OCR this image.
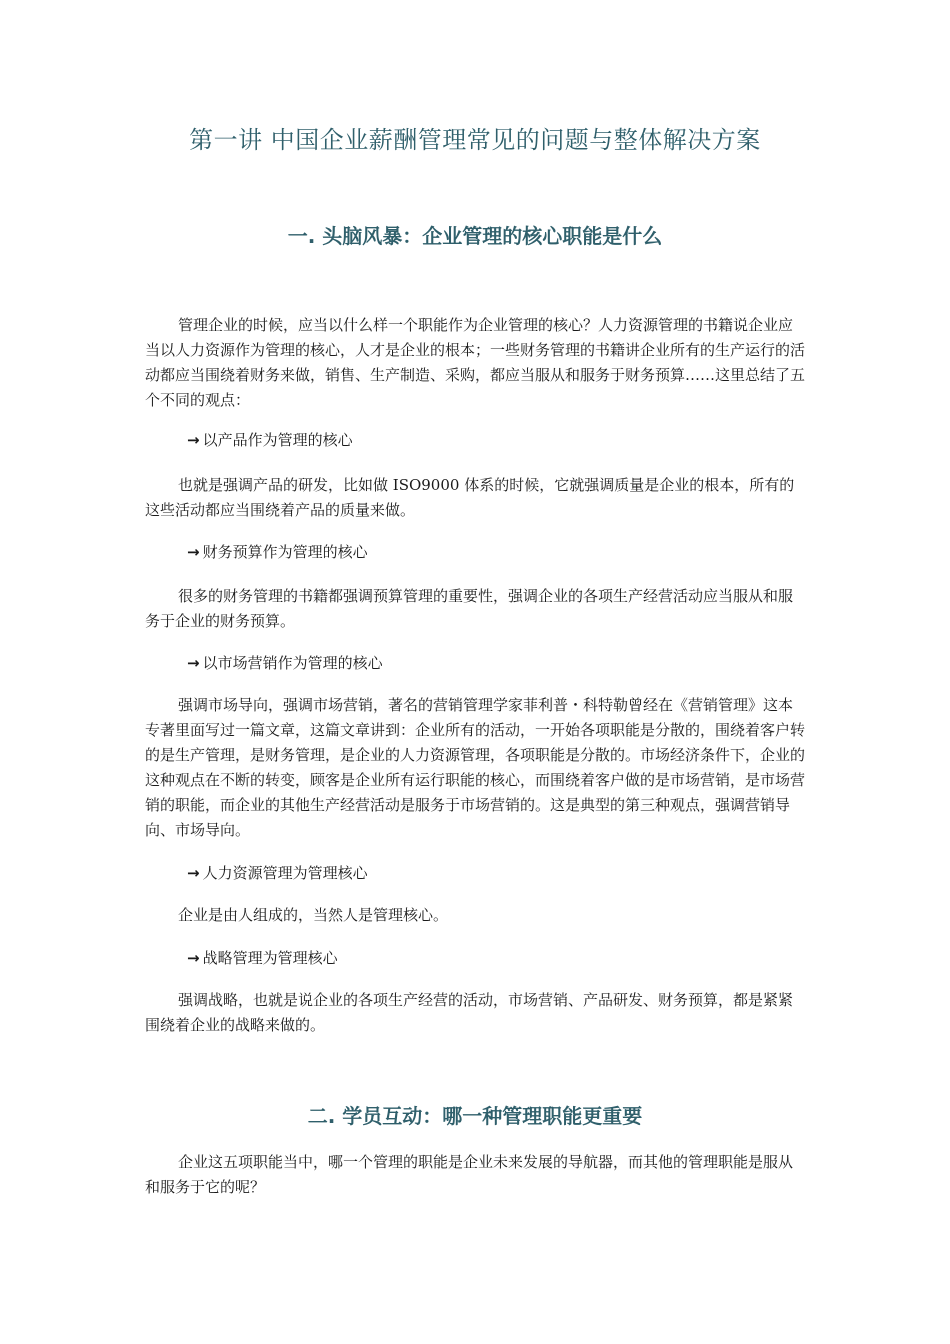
第一讲 中国企业薪酬管理常见的问题与整体解决方案
一. 头脑风暴：企业管理的核心职能是什么

管理企业的时候，应当以什么样一个职能作为企业管理的核心？人力资源管理的书籍说企业应当以人力资源作为管理的核心，人才是企业的根本；一些财务管理的书籍讲企业所有的生产运行的活动都应当围绕着财务来做，销售、生产制造、采购，都应当服从和服务于财务预算……这里总结了五个不同的观点：

→ 以产品作为管理的核心

也就是强调产品的研发，比如做 ISO9000 体系的时候，它就强调质量是企业的根本，所有的这些活动都应当围绕着产品的质量来做。

→ 财务预算作为管理的核心

很多的财务管理的书籍都强调预算管理的重要性，强调企业的各项生产经营活动应当服从和服务于企业的财务预算。

→ 以市场营销作为管理的核心

强调市场导向，强调市场营销，著名的营销管理学家菲利普・科特勒曾经在《营销管理》这本专著里面写过一篇文章，这篇文章讲到：企业所有的活动，一开始各项职能是分散的，围绕着客户转的是生产管理，是财务管理，是企业的人力资源管理，各项职能是分散的。市场经济条件下，企业的这种观点在不断的转变，顾客是企业所有运行职能的核心，而围绕着客户做的是市场营销，是市场营销的职能，而企业的其他生产经营活动是服务于市场营销的。这是典型的第三种观点，强调营销导向、市场导向。

→ 人力资源管理为管理核心

企业是由人组成的，当然人是管理核心。

→ 战略管理为管理核心

强调战略，也就是说企业的各项生产经营的活动，市场营销、产品研发、财务预算，都是紧紧围绕着企业的战略来做的。

二. 学员互动：哪一种管理职能更重要

企业这五项职能当中，哪一个管理的职能是企业未来发展的导航器，而其他的管理职能是服从和服务于它的呢？
